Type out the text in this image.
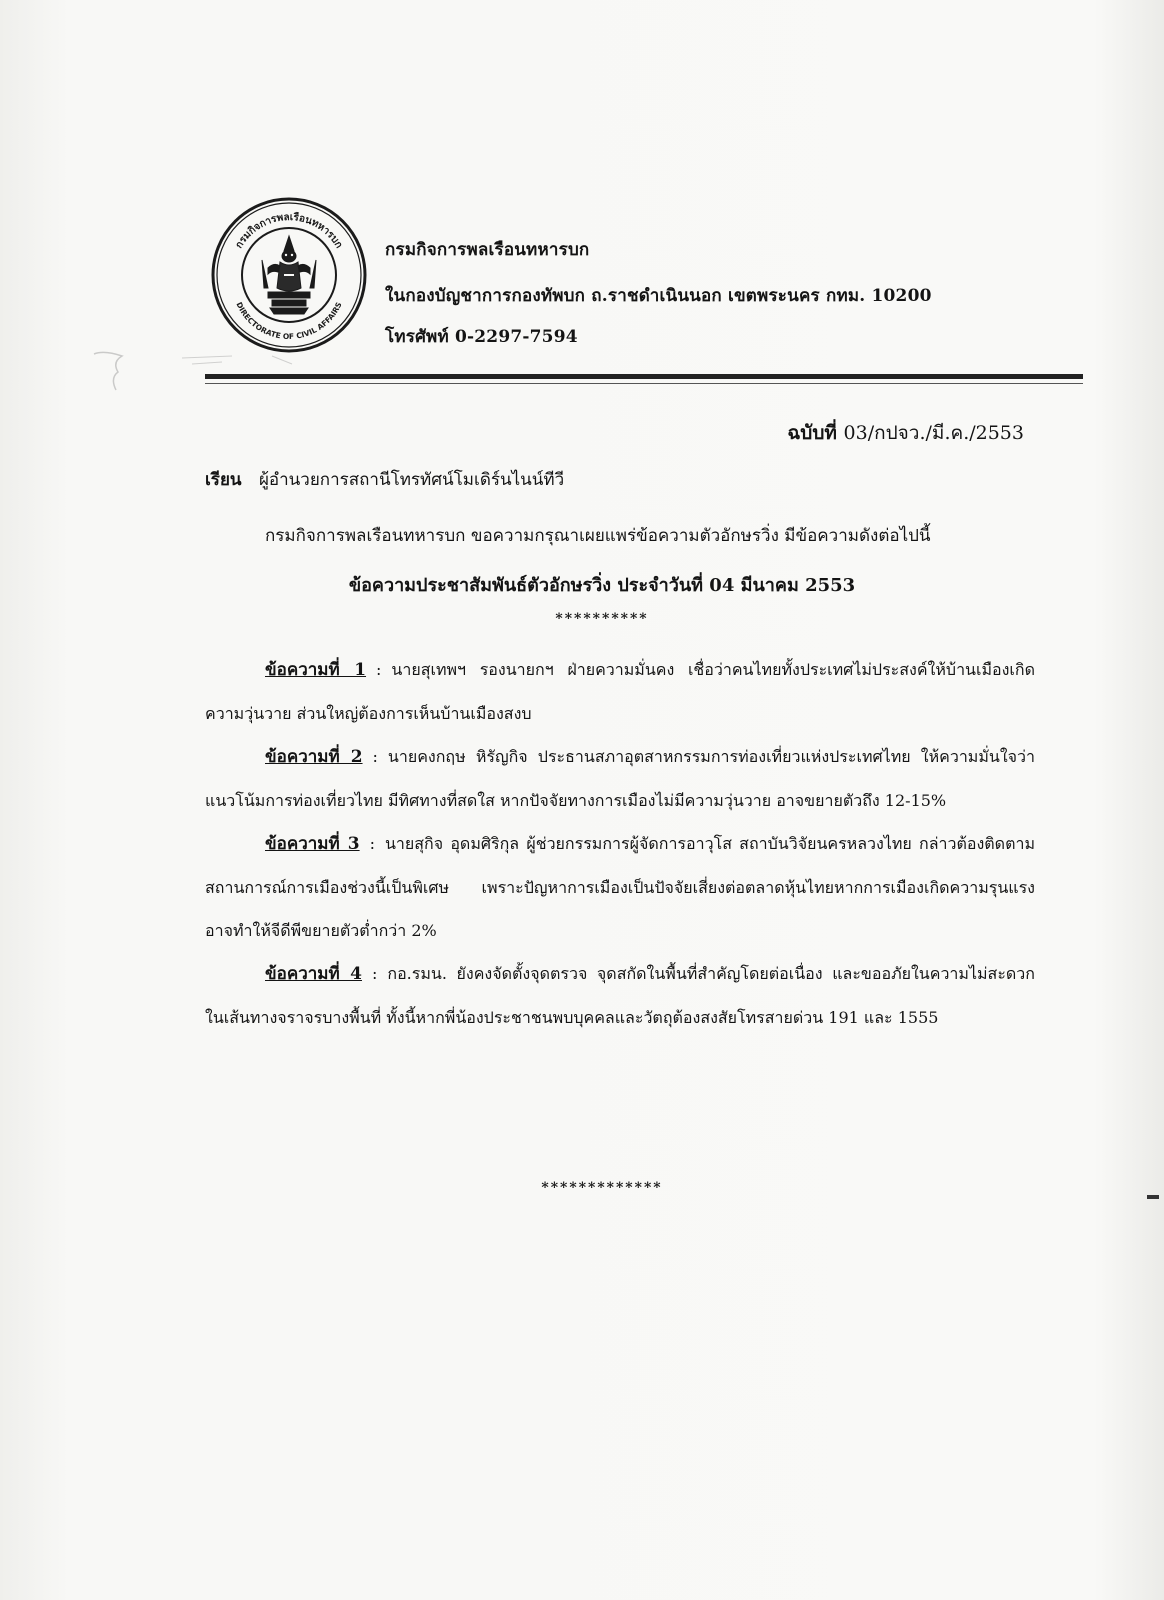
กรมกิจการพลเรือนทหารบก
DIRECTORATE OF CIVIL AFFAIRS
กรมกิจการพลเรือนทหารบก
ในกองบัญชาการกองทัพบก ถ.ราชดำเนินนอก เขตพระนคร กทม. 10200
โทรศัพท์ 0-2297-7594
ฉบับที่ 03/กปจว./มี.ค./2553
เรียน ผู้อำนวยการสถานีโทรทัศน์โมเดิร์นไนน์ทีวี
กรมกิจการพลเรือนทหารบก ขอความกรุณาเผยแพร่ข้อความตัวอักษรวิ่ง มีข้อความดังต่อไปนี้
ข้อความประชาสัมพันธ์ตัวอักษรวิ่ง ประจำวันที่ 04 มีนาคม 2553
**********

ข้อความที่ 1 : นายสุเทพฯ รองนายกฯ ฝ่ายความมั่นคง เชื่อว่าคนไทยทั้งประเทศไม่ประสงค์ให้บ้านเมืองเกิดความวุ่นวาย ส่วนใหญ่ต้องการเห็นบ้านเมืองสงบ

ข้อความที่ 2 : นายคงกฤษ หิรัญกิจ ประธานสภาอุตสาหกรรมการท่องเที่ยวแห่งประเทศไทย ให้ความมั่นใจว่าแนวโน้มการท่องเที่ยวไทย มีทิศทางที่สดใส หากปัจจัยทางการเมืองไม่มีความวุ่นวาย อาจขยายตัวถึง 12-15%

ข้อความที่ 3 : นายสุกิจ อุดมศิริกุล ผู้ช่วยกรรมการผู้จัดการอาวุโส สถาบันวิจัยนครหลวงไทย กล่าวต้องติดตามสถานการณ์การเมืองช่วงนี้เป็นพิเศษ เพราะปัญหาการเมืองเป็นปัจจัยเสี่ยงต่อตลาดหุ้นไทยหากการเมืองเกิดความรุนแรงอาจทำให้จีดีพีขยายตัวต่ำกว่า 2%

ข้อความที่ 4 : กอ.รมน. ยังคงจัดตั้งจุดตรวจ จุดสกัดในพื้นที่สำคัญโดยต่อเนื่อง และขออภัยในความไม่สะดวกในเส้นทางจราจรบางพื้นที่ ทั้งนี้หากพี่น้องประชาชนพบบุคคลและวัตถุต้องสงสัยโทรสายด่วน 191 และ 1555

*************
